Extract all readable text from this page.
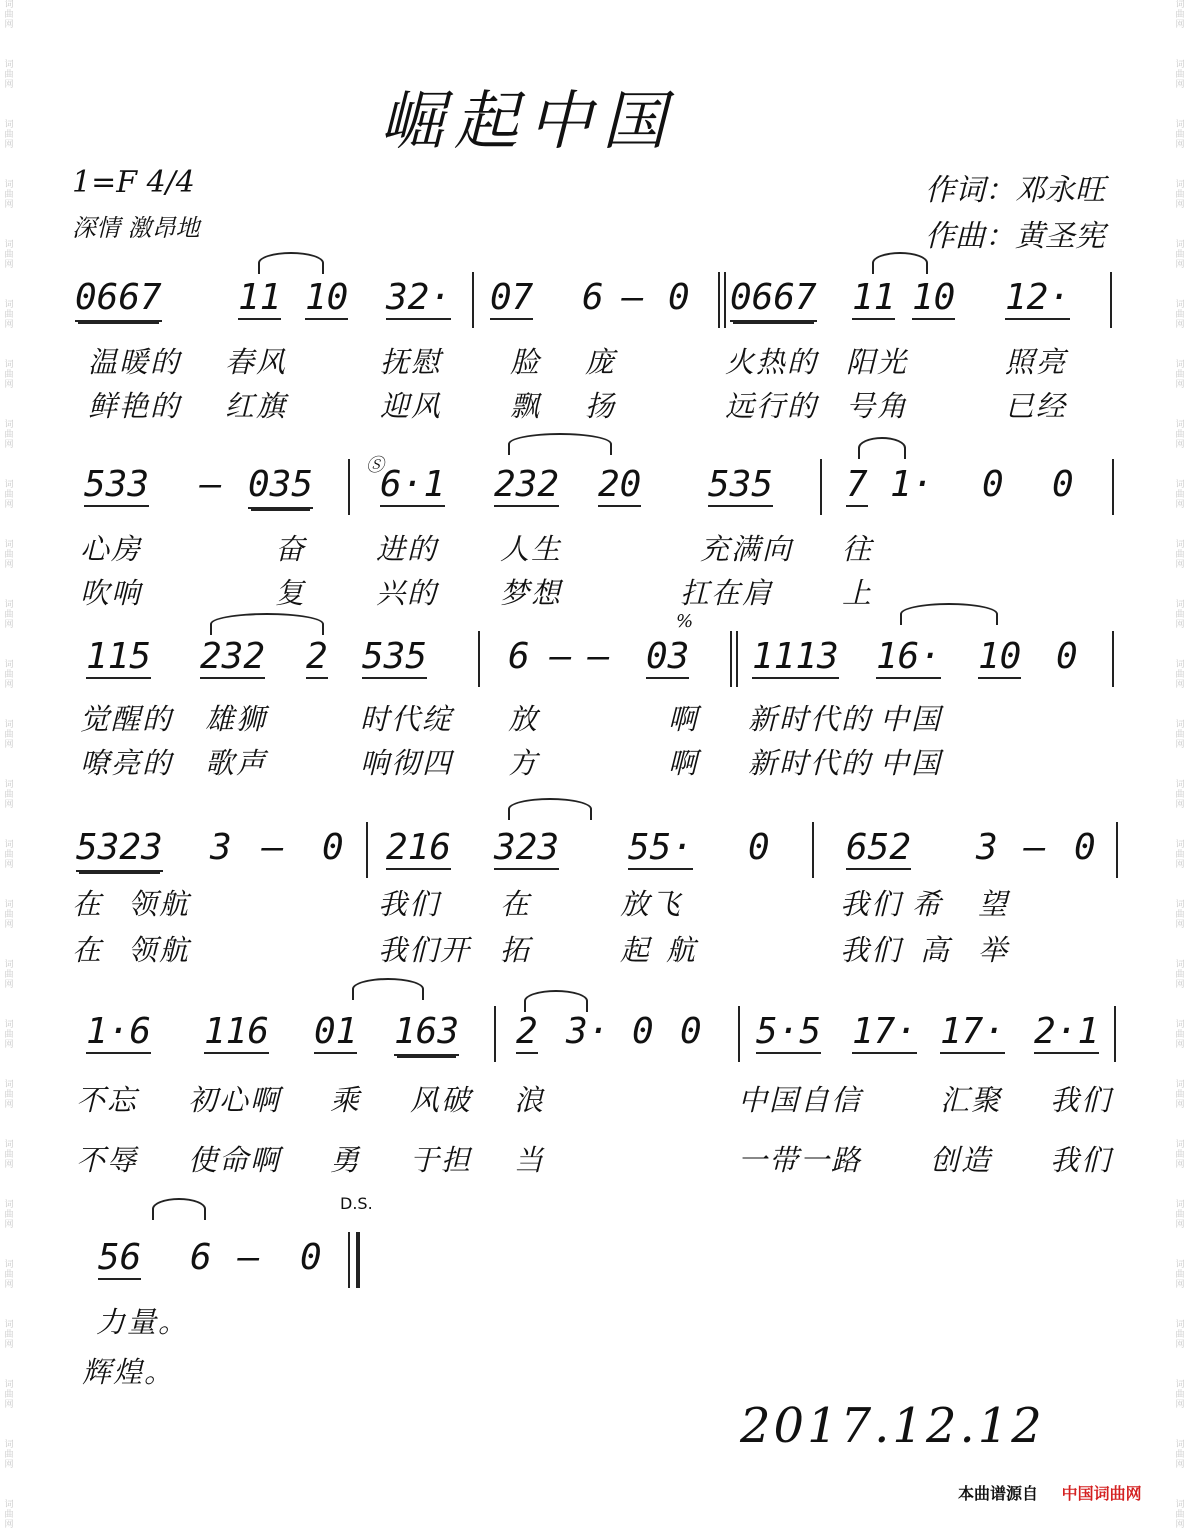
词
曲
网
词
曲
网
词
曲
网
词
曲
网
词
曲
网
词
曲
网
词
曲
网
词
曲
网
词
曲
网
词
曲
网
词
曲
网
词
曲
网
词
曲
网
词
曲
网
词
曲
网
词
曲
网
词
曲
网
词
曲
网
词
曲
网
词
曲
网
词
曲
网
词
曲
网
词
曲
网
词
曲
网
词
曲
网
词
曲
网
词
曲
网
词
曲
网
词
曲
网
词
曲
网
词
曲
网
词
曲
网
词
曲
网
词
曲
网
词
曲
网
词
曲
网
词
曲
网
词
曲
网
词
曲
网
词
曲
网
词
曲
网
词
曲
网
词
曲
网
词
曲
网
词
曲
网
词
曲
网
词
曲
网
词
曲
网
词
曲
网
词
曲
网
词
曲
网
词
曲
网
崛起中国
1=F 4/4
深情 激昂地
作词：邓永旺
作曲：黄圣宪
0667 11 10 32· 07 6 – 0 0667 11 10 12·
温暖的 春风	抚慰 脸 庞	火热的 阳光	照亮
鲜艳的 红旗	迎风 飘 扬	远行的 号角	已经
533 – 035	Ⓢ
6·1 232 20 535 7 1· 0 0
心房	奋 进的 人生	充满向 往
吹响	复 兴的 梦想	扛在肩 上
115 232 2 535 6 – –
%
03 1113 16· 10 0
觉醒的 雄狮	时代绽 放	啊 新时代的 中国
嘹亮的 歌声	响彻四 方	啊 新时代的 中国
5323 3 – 0 216 323 55· 0 652 3 – 0
在 领航	我们 在	放飞	我们 希 望
在 领航	我们开 拓	起 航	我们 高 举
1·6 116 01 163 2 3· 0 0 5·5 17· 17· 2·1
不忘 初心啊 乘 风破 浪	中国自信	汇聚 我们
不辱 使命啊 勇 于担 当	一带一路 创造 我们
56 6 – 0
D.S.
力量。
辉煌。
2017.12.12
本曲谱源自 中国词曲网
